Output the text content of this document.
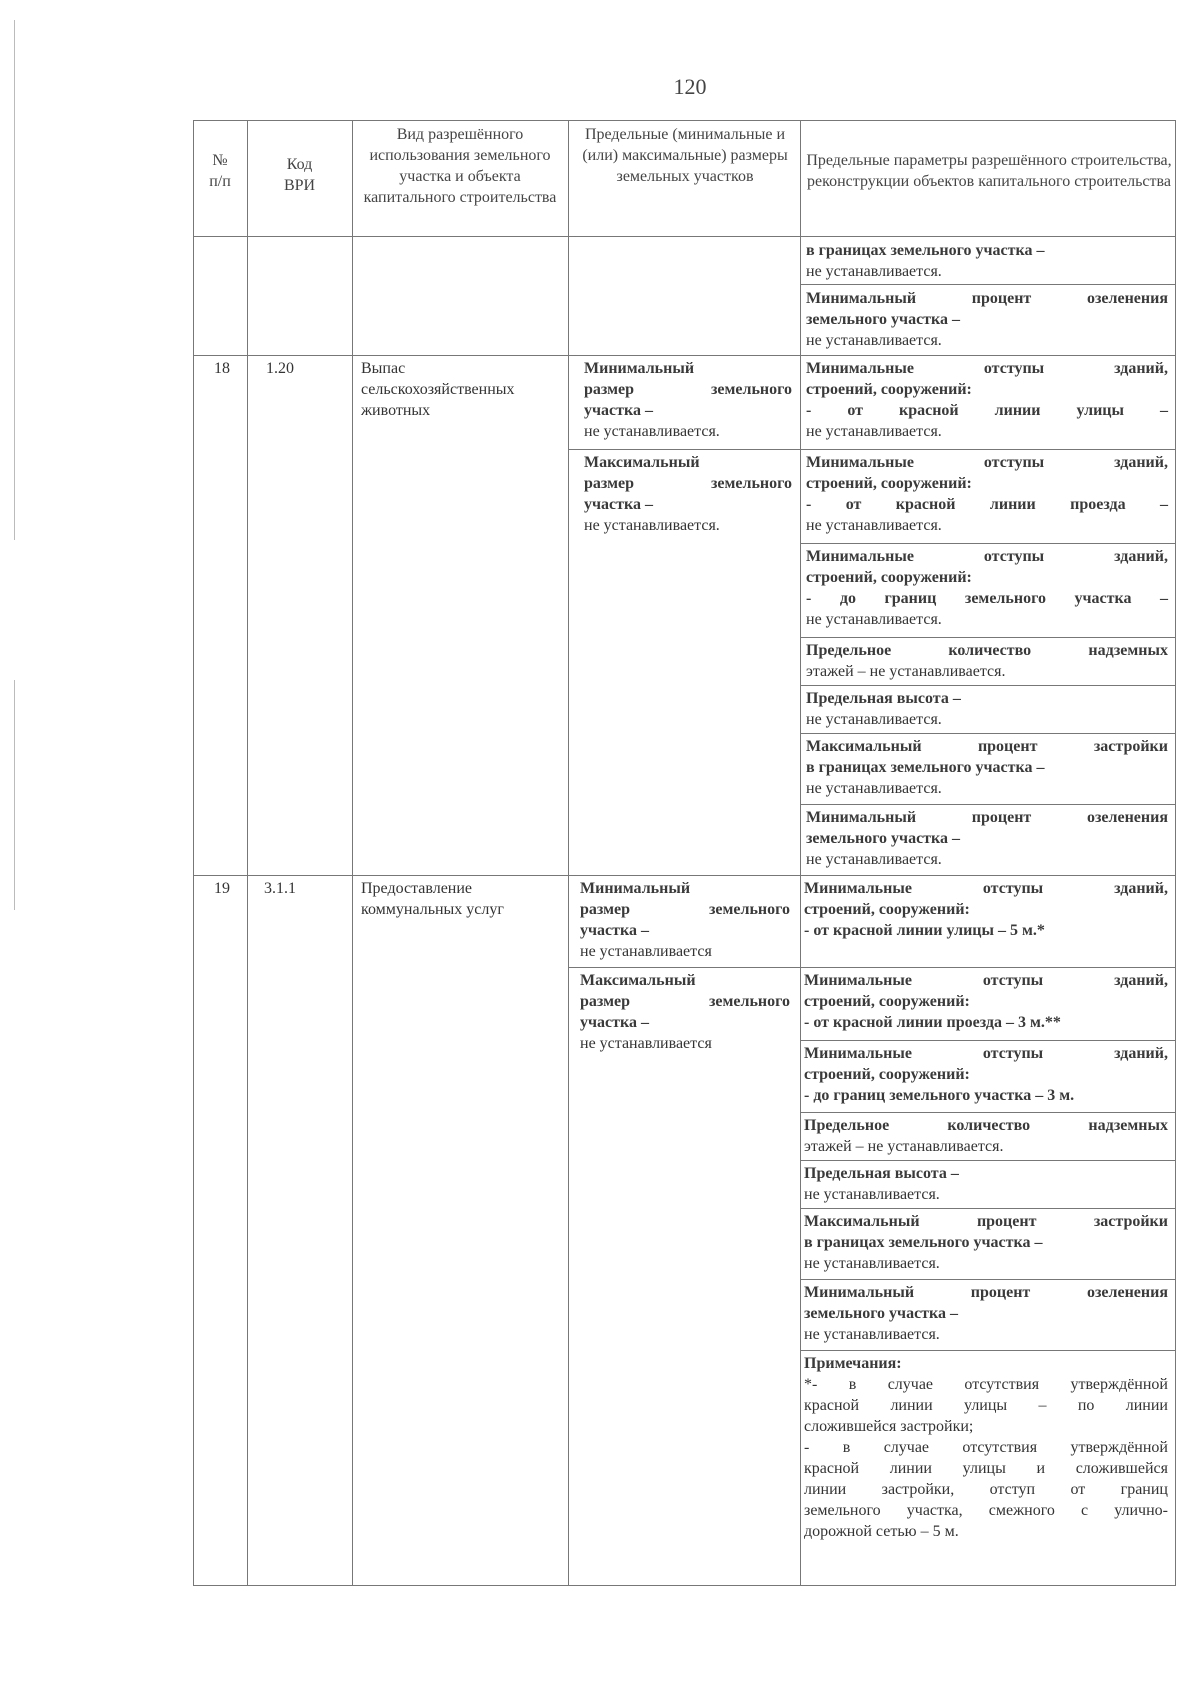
120
№
п/п
Код
ВРИ
Вид разрешённого использования земельного участка и объекта капитального строительства
Предельные (минимальные и (или) максимальные) размеры земельных участков
Предельные параметры разрешённого строительства, реконструкции объектов капитального строительства
в границах земельного участка –
не устанавливается.
Минимальный процент озеленения
земельного участка –
не устанавливается.
18 1.20	Выпас сельскохозяйственных животных
Минимальный
размер земельного
участка –
не устанавливается.
Максимальный
размер земельного
участка –
не устанавливается.
Минимальные отступы зданий,
строений, сооружений:
- от красной линии улицы –
не устанавливается.
Минимальные отступы зданий,
строений, сооружений:
- от красной линии проезда –
не устанавливается.
Минимальные отступы зданий,
строений, сооружений:
- до границ земельного участка –
не устанавливается.
Предельное количество надземных
этажей – не устанавливается.
Предельная высота –
не устанавливается.
Максимальный процент застройки
в границах земельного участка –
не устанавливается.
Минимальный процент озеленения
земельного участка –
не устанавливается.
19 3.1.1	Предоставление коммунальных услуг
Минимальный
размер земельного
участка –
не устанавливается
Максимальный
размер земельного
участка –
не устанавливается
Минимальные отступы зданий,
строений, сооружений:
- от красной линии улицы – 5 м.*
Минимальные отступы зданий,
строений, сооружений:
- от красной линии проезда – 3 м.**
Минимальные отступы зданий,
строений, сооружений:
- до границ земельного участка – 3 м.
Предельное количество надземных
этажей – не устанавливается.
Предельная высота –
не устанавливается.
Максимальный процент застройки
в границах земельного участка –
не устанавливается.
Минимальный процент озеленения
земельного участка –
не устанавливается.
Примечания:
*- в случае отсутствия утверждённой
красной линии улицы – по линии
сложившейся застройки;
- в случае отсутствия утверждённой
красной линии улицы и сложившейся
линии застройки, отступ от границ
земельного участка, смежного с улично-
дорожной сетью – 5 м.
